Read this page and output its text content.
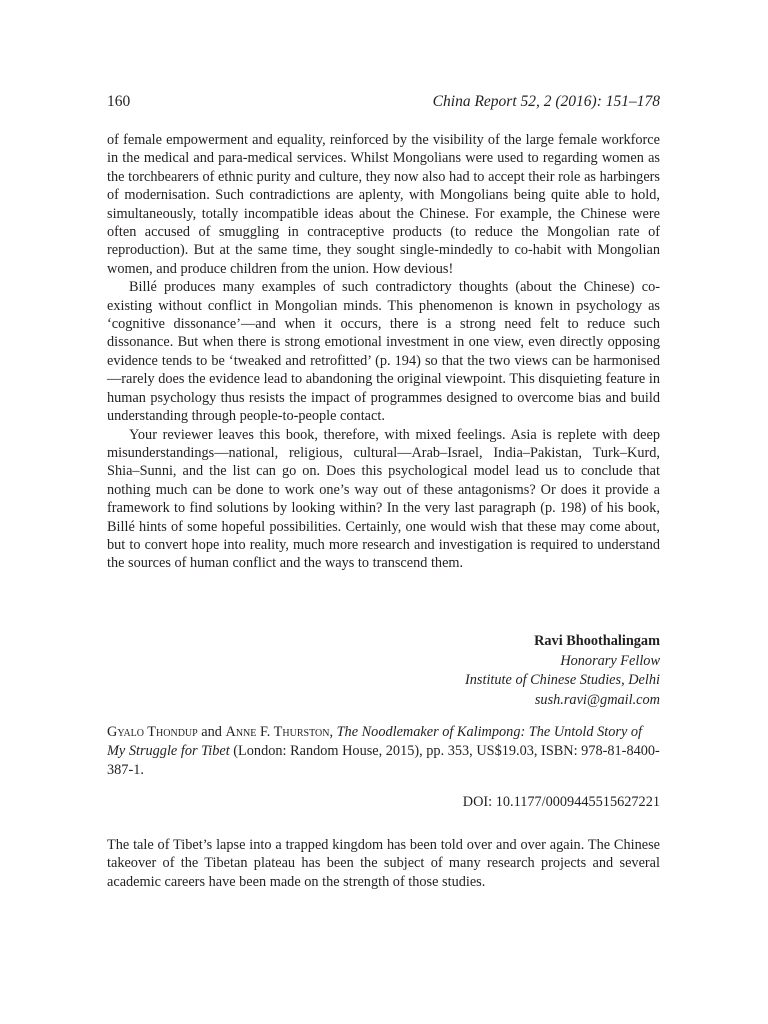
160	China Report 52, 2 (2016): 151–178

of female empowerment and equality, reinforced by the visibility of the large female workforce in the medical and para-medical services. Whilst Mongolians were used to regarding women as the torchbearers of ethnic purity and culture, they now also had to accept their role as harbingers of modernisation. Such contradictions are aplenty, with Mongolians being quite able to hold, simultaneously, totally incompatible ideas about the Chinese. For example, the Chinese were often accused of smuggling in contraceptive products (to reduce the Mongolian rate of reproduction). But at the same time, they sought single-mindedly to co-habit with Mongolian women, and produce children from the union. How devious!

Billé produces many examples of such contradictory thoughts (about the Chinese) co-existing without conflict in Mongolian minds. This phenomenon is known in psychology as ‘cognitive dissonance’—and when it occurs, there is a strong need felt to reduce such dissonance. But when there is strong emotional investment in one view, even directly opposing evidence tends to be ‘tweaked and retrofitted’ (p. 194) so that the two views can be harmonised—rarely does the evidence lead to abandoning the original viewpoint. This disquieting feature in human psychology thus resists the impact of programmes designed to overcome bias and build understanding through people-to-people contact.

Your reviewer leaves this book, therefore, with mixed feelings. Asia is replete with deep misunderstandings—national, religious, cultural—Arab–Israel, India–Pakistan, Turk–Kurd, Shia–Sunni, and the list can go on. Does this psychological model lead us to conclude that nothing much can be done to work one’s way out of these antagonisms? Or does it provide a framework to find solutions by looking within? In the very last paragraph (p. 198) of his book, Billé hints of some hopeful possibilities. Certainly, one would wish that these may come about, but to convert hope into reality, much more research and investigation is required to understand the sources of human conflict and the ways to transcend them.

Ravi Bhoothalingam
Honorary Fellow
Institute of Chinese Studies, Delhi
sush.ravi@gmail.com
Gyalo Thondup and Anne F. Thurston, The Noodlemaker of Kalimpong: The Untold Story of My Struggle for Tibet (London: Random House, 2015), pp. 353, US$19.03, ISBN: 978-81-8400-387-1.
DOI: 10.1177/0009445515627221

The tale of Tibet’s lapse into a trapped kingdom has been told over and over again. The Chinese takeover of the Tibetan plateau has been the subject of many research projects and several academic careers have been made on the strength of those studies.
